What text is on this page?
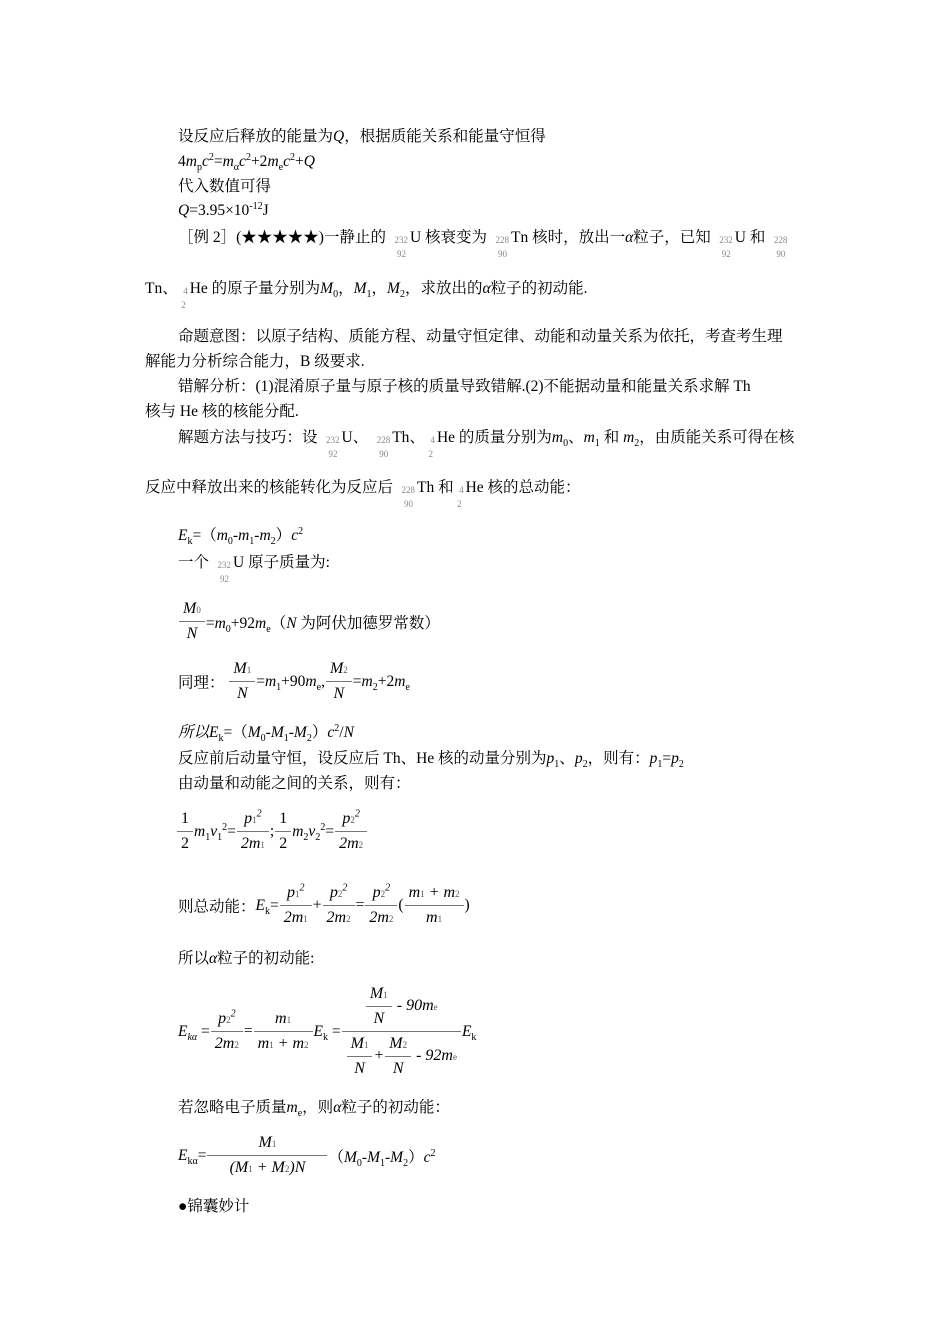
设反应后释放的能量为Q，根据质能关系和能量守恒得
$4m_pc^2=m_\alpha c^2+2m_ec^2+Q$
代入数值可得
$Q=3.95\times 10^{-12}J$
［例 2］(★★★★★)一静止的 232
92
U 核衰变为 228
90
Tn 核时，放出一α粒子，已知 232
92
U 和 228
90
Tn、 4
2
He 的原子量分别为$M_0$，$M_1$，$M_2$，求放出的α粒子的初动能.
命题意图：以原子结构、质能方程、动量守恒定律、动能和动量关系为依托，考查考生理
解能力分析综合能力，B 级要求.
错解分析：(1)混淆原子量与原子核的质量导致错解.(2)不能据动量和能量关系求解 Th
核与 He 核的核能分配.
解题方法与技巧：设 232
92
U、 228
90
Th、 4
2
He 的质量分别为$m_0$、$m_1$ 和 $m_2$，由质能关系可得在核
反应中释放出来的核能转化为反应后 228
90
Th 和 4
2
He 核的总动能：
$E_k=(m_0-m_1-m_2)c^2$
一个 232
92
U 原子质量为:
$\frac{M0}{N} =m_0+92m_e(N$ 为阿伏加德罗常数）
同理： $\frac{M1}{N} =m_1+90m_e$, $\frac{M2}{N} =m_2+2m_e$
所以$E_k=(M_0-M_1-M_2)c^2/N$
反应前后动量守恒，设反应后 Th、He 核的动量分别为$p_1$、$p_2$，则有：$p_1=p_2$
由动量和动能之间的关系，则有：
$\frac{1}{2} m_1v_1^2= \frac{p1^2}{2m1}$ ; $\frac{1}{2} m_2v_2^2= \frac{p2^2}{2m2}$
则总动能：$E_k= \frac{p1^2}{2m1} + \frac{p2^2}{2m2} = \frac{p2^2}{2m2}$ ( $\frac{m1 + m2}{m1}$ )
所以α粒子的初动能:
$E_{k\alpha} = \frac{p2^2}{2m2} = \frac{m1}{m1 + m2} E_k = \frac{\frac{M1}{N} - 90me}{\frac{M1}{N} + \frac{M2}{N} - 92me} E_k$
若忽略电子质量$m_e$，则α粒子的初动能：
$E_{k\alpha}= \frac{M1}{(M1 + M2)N} (M_0-M_1-M_2)c^2$
●锦囊妙计
